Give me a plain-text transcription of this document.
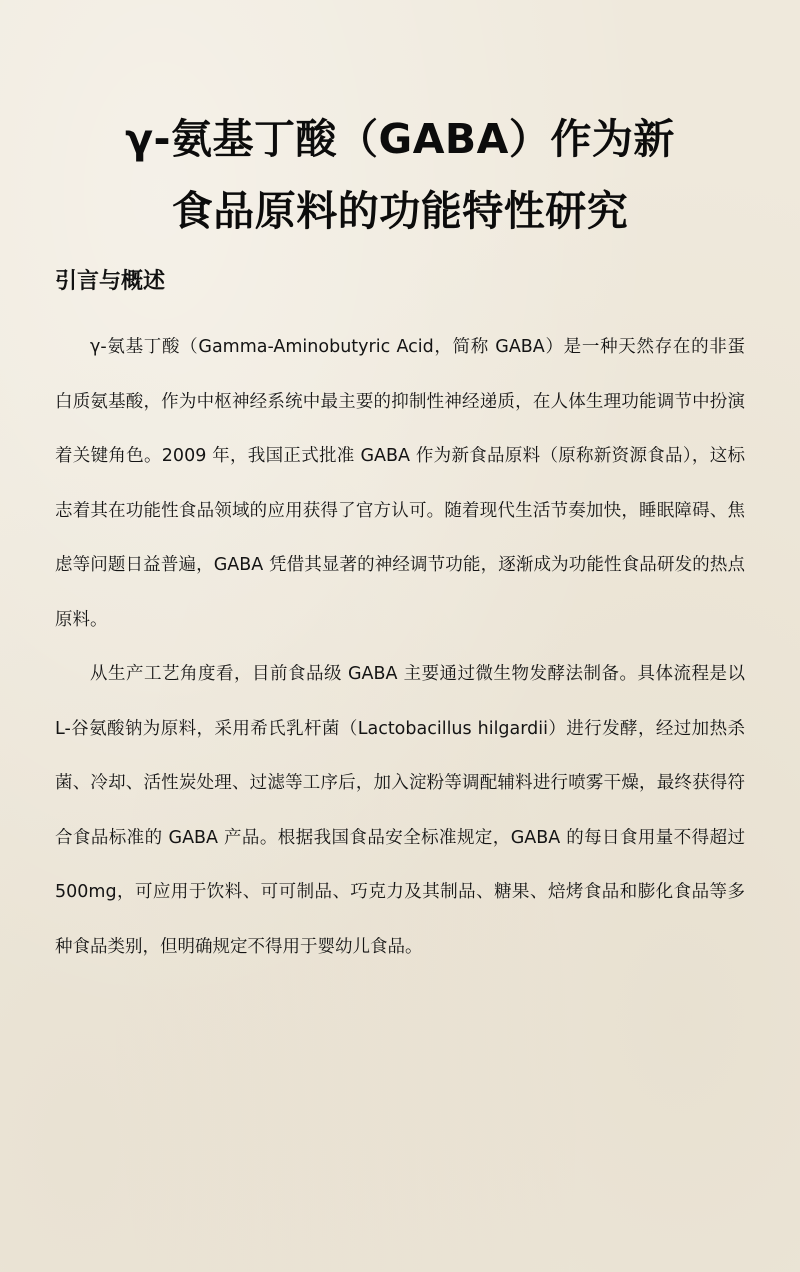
γ-氨基丁酸（GABA）作为新
食品原料的功能特性研究
引言与概述

γ-氨基丁酸（Gamma-Aminobutyric Acid，简称 GABA）是一种天然存在的非蛋白质氨基酸，作为中枢神经系统中最主要的抑制性神经递质，在人体生理功能调节中扮演着关键角色。2009 年，我国正式批准 GABA 作为新食品原料（原称新资源食品），这标志着其在功能性食品领域的应用获得了官方认可。随着现代生活节奏加快，睡眠障碍、焦虑等问题日益普遍，GABA 凭借其显著的神经调节功能，逐渐成为功能性食品研发的热点原料。

从生产工艺角度看，目前食品级 GABA 主要通过微生物发酵法制备。具体流程是以 L-谷氨酸钠为原料，采用希氏乳杆菌（Lactobacillus hilgardii）进行发酵，经过加热杀菌、冷却、活性炭处理、过滤等工序后，加入淀粉等调配辅料进行喷雾干燥，最终获得符合食品标准的 GABA 产品。根据我国食品安全标准规定，GABA 的每日食用量不得超过 500mg，可应用于饮料、可可制品、巧克力及其制品、糖果、焙烤食品和膨化食品等多种食品类别，但明确规定不得用于婴幼儿食品。
